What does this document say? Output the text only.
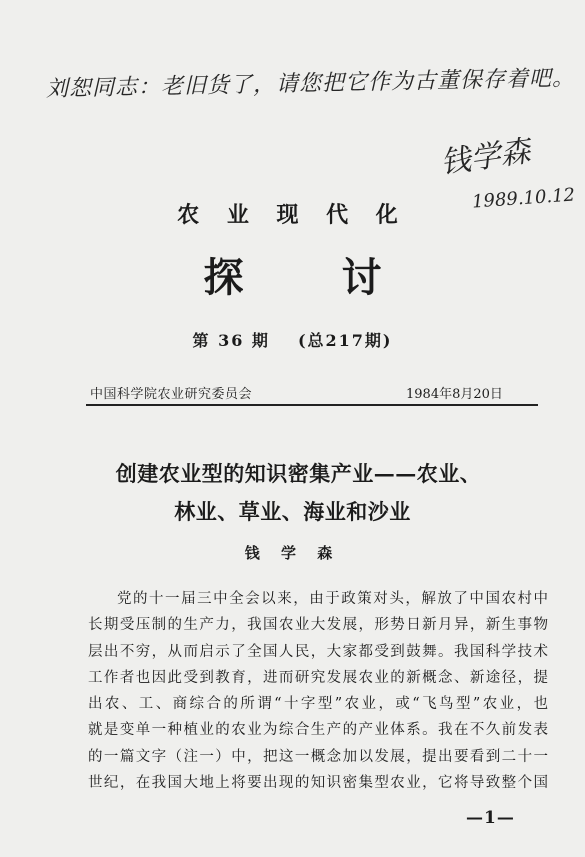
刘恕同志：老旧货了，请您把它作为古董保存着吧。
钱学森
1989.10.12
农 业 现 代 化
探 讨
第 36 期 (总217期)
中国科学院农业研究委员会	1984年8月20日
创建农业型的知识密集产业——农业、
林业、草业、海业和沙业
钱 学 森
党的十一届三中全会以来，由于政策对头，解放了中国农村中
长期受压制的生产力，我国农业大发展，形势日新月异，新生事物
层出不穷，从而启示了全国人民，大家都受到鼓舞。我国科学技术
工作者也因此受到教育，进而研究发展农业的新概念、新途径，提
出农、工、商综合的所谓“十字型”农业，或“飞鸟型”农业，也
就是变单一种植业的农业为综合生产的产业体系。我在不久前发表
的一篇文字（注一）中，把这一概念加以发展，提出要看到二十一
世纪，在我国大地上将要出现的知识密集型农业，它将导致整个国
—1—
